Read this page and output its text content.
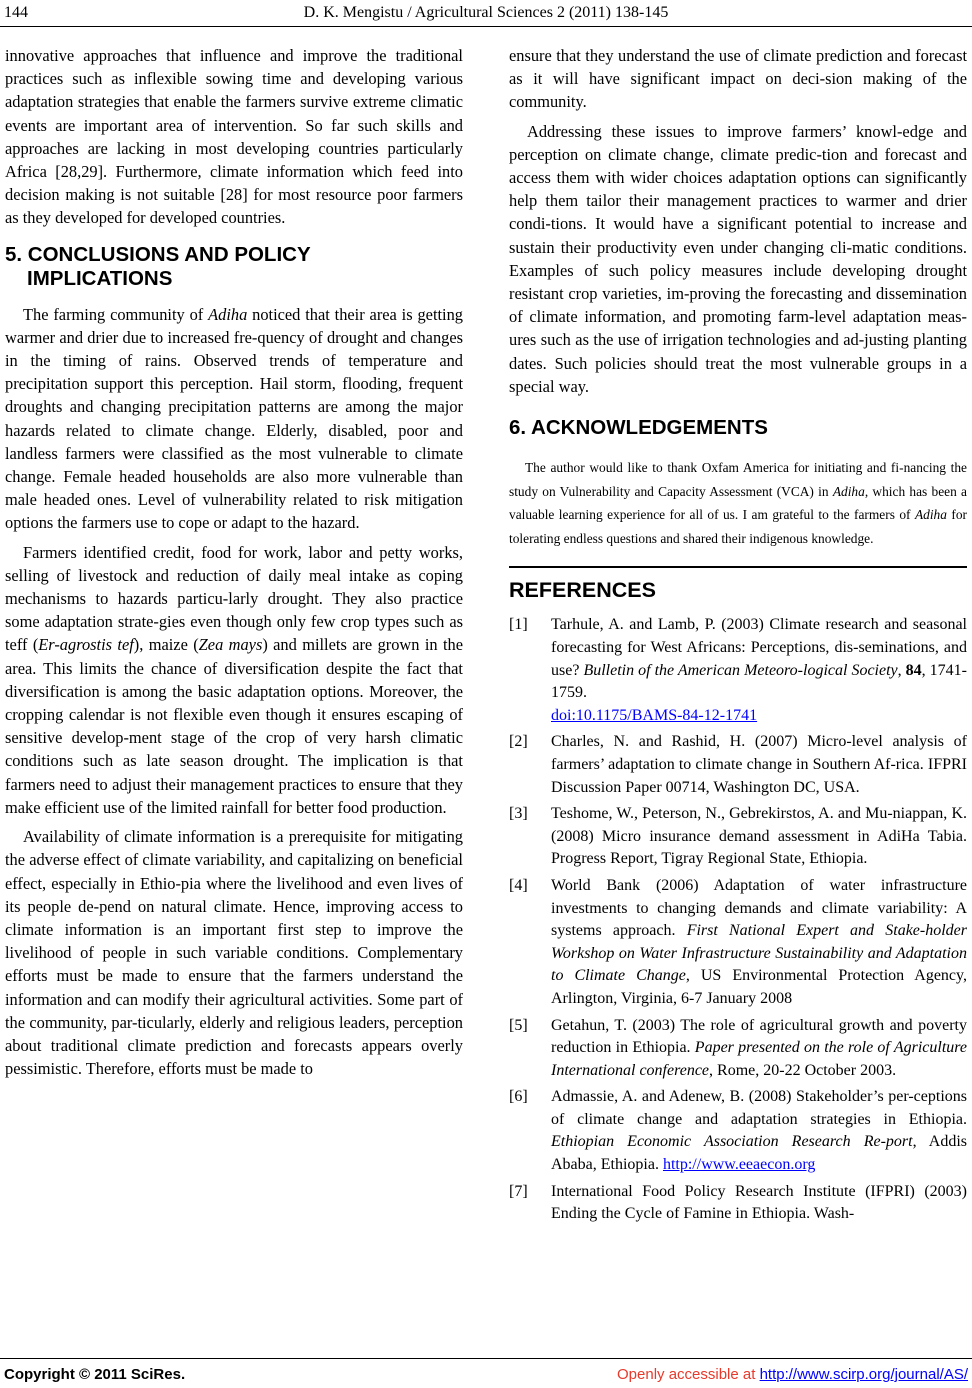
144	D. K. Mengistu / Agricultural Sciences 2 (2011) 138-145

innovative approaches that influence and improve the traditional practices such as inflexible sowing time and developing various adaptation strategies that enable the farmers survive extreme climatic events are important area of intervention. So far such skills and approaches are lacking in most developing countries particularly Africa [28,29]. Furthermore, climate information which feed into decision making is not suitable [28] for most resource poor farmers as they developed for developed countries.

5. CONCLUSIONS AND POLICY
IMPLICATIONS

The farming community of Adiha noticed that their area is getting warmer and drier due to increased fre-quency of drought and changes in the timing of rains. Observed trends of temperature and precipitation support this perception. Hail storm, flooding, frequent droughts and changing precipitation patterns are among the major hazards related to climate change. Elderly, disabled, poor and landless farmers were classified as the most vulnerable to climate change. Female headed households are also more vulnerable than male headed ones. Level of vulnerability related to risk mitigation options the farmers use to cope or adapt to the hazard.

Farmers identified credit, food for work, labor and petty works, selling of livestock and reduction of daily meal intake as coping mechanisms to hazards particu-larly drought. They also practice some adaptation strate-gies even though only few crop types such as teff (Er-agrostis tef), maize (Zea mays) and millets are grown in the area. This limits the chance of diversification despite the fact that diversification is among the basic adaptation options. Moreover, the cropping calendar is not flexible even though it ensures escaping of sensitive develop-ment stage of the crop of very harsh climatic conditions such as late season drought. The implication is that farmers need to adjust their management practices to ensure that they make efficient use of the limited rainfall for better food production.

Availability of climate information is a prerequisite for mitigating the adverse effect of climate variability, and capitalizing on beneficial effect, especially in Ethio-pia where the livelihood and even lives of its people de-pend on natural climate. Hence, improving access to climate information is an important first step to improve the livelihood of people in such variable conditions. Complementary efforts must be made to ensure that the farmers understand the information and can modify their agricultural activities. Some part of the community, par-ticularly, elderly and religious leaders, perception about traditional climate prediction and forecasts appears overly pessimistic. Therefore, efforts must be made to

ensure that they understand the use of climate prediction and forecast as it will have significant impact on deci-sion making of the community.

Addressing these issues to improve farmers’ knowl-edge and perception on climate change, climate predic-tion and forecast and access them with wider choices adaptation options can significantly help them tailor their management practices to warmer and drier condi-tions. It would have a significant potential to increase and sustain their productivity even under changing cli-matic conditions. Examples of such policy measures include developing drought resistant crop varieties, im-proving the forecasting and dissemination of climate information, and promoting farm-level adaptation meas-ures such as the use of irrigation technologies and ad-justing planting dates. Such policies should treat the most vulnerable groups in a special way.

6. ACKNOWLEDGEMENTS

The author would like to thank Oxfam America for initiating and fi-nancing the study on Vulnerability and Capacity Assessment (VCA) in Adiha, which has been a valuable learning experience for all of us. I am grateful to the farmers of Adiha for tolerating endless questions and shared their indigenous knowledge.

REFERENCES
[1] Tarhule, A. and Lamb, P. (2003) Climate research and seasonal forecasting for West Africans: Perceptions, dis-seminations, and use? Bulletin of the American Meteoro-logical Society, 84, 1741-1759.
doi:10.1175/BAMS-84-12-1741
[2] Charles, N. and Rashid, H. (2007) Micro-level analysis of farmers’ adaptation to climate change in Southern Af-rica. IFPRI Discussion Paper 00714, Washington DC, USA.
[3] Teshome, W., Peterson, N., Gebrekirstos, A. and Mu-niappan, K. (2008) Micro insurance demand assessment in AdiHa Tabia. Progress Report, Tigray Regional State, Ethiopia.
[4] World Bank (2006) Adaptation of water infrastructure investments to changing demands and climate variability: A systems approach. First National Expert and Stake-holder Workshop on Water Infrastructure Sustainability and Adaptation to Climate Change, US Environmental Protection Agency, Arlington, Virginia, 6-7 January 2008
[5] Getahun, T. (2003) The role of agricultural growth and poverty reduction in Ethiopia. Paper presented on the role of Agriculture International conference, Rome, 20-22 October 2003.
[6] Admassie, A. and Adenew, B. (2008) Stakeholder’s per-ceptions of climate change and adaptation strategies in Ethiopia. Ethiopian Economic Association Research Re-port, Addis Ababa, Ethiopia. http://www.eeaecon.org
[7] International Food Policy Research Institute (IFPRI) (2003) Ending the Cycle of Famine in Ethiopia. Wash-
Copyright © 2011 SciRes.	Openly accessible at http://www.scirp.org/journal/AS/
